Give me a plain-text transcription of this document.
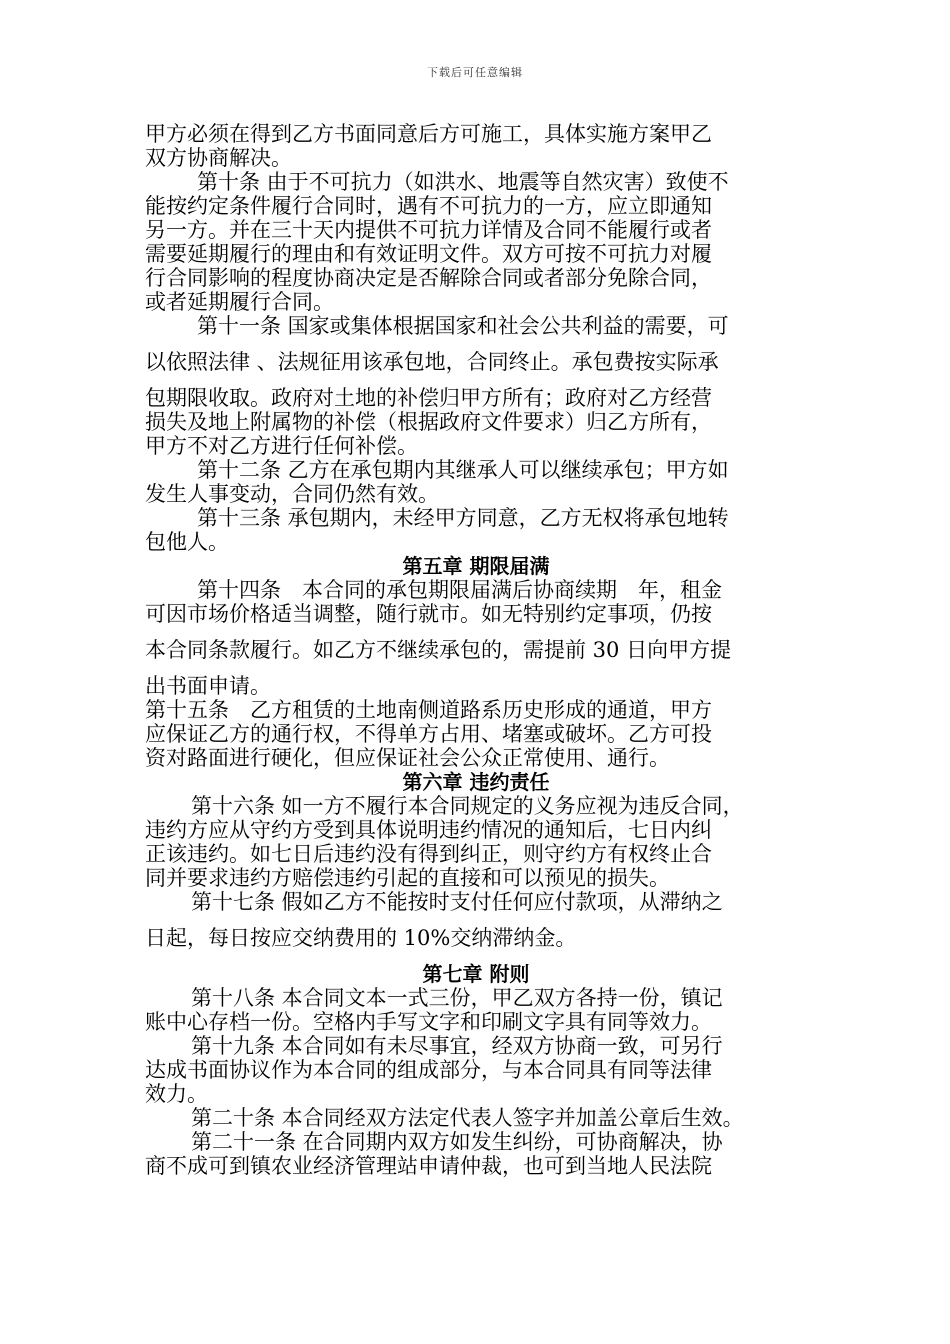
下载后可任意编辑
甲方必须在得到乙方书面同意后方可施工，具体实施方案甲乙
双方协商解决。
第十条 由于不可抗力（如洪水、地震等自然灾害）致使不
能按约定条件履行合同时，遇有不可抗力的一方，应立即通知
另一方。并在三十天内提供不可抗力详情及合同不能履行或者
需要延期履行的理由和有效证明文件。双方可按不可抗力对履
行合同影响的程度协商决定是否解除合同或者部分免除合同，
或者延期履行合同。
第十一条 国家或集体根据国家和社会公共利益的需要，可
以依照法律 、法规征用该承包地，合同终止。承包费按实际承
包期限收取。政府对土地的补偿归甲方所有；政府对乙方经营
损失及地上附属物的补偿（根据政府文件要求）归乙方所有，
甲方不对乙方进行任何补偿。
第十二条 乙方在承包期内其继承人可以继续承包；甲方如
发生人事变动，合同仍然有效。
第十三条 承包期内，未经甲方同意，乙方无权将承包地转
包他人。
第五章 期限届满
第十四条　本合同的承包期限届满后协商续期　年，租金
可因市场价格适当调整，随行就市。如无特别约定事项，仍按
本合同条款履行。如乙方不继续承包的，需提前 30 日向甲方提
出书面申请。
第十五条　乙方租赁的土地南侧道路系历史形成的通道，甲方
应保证乙方的通行权，不得单方占用、堵塞或破坏。乙方可投
资对路面进行硬化，但应保证社会公众正常使用、通行。
第六章 违约责任
第十六条 如一方不履行本合同规定的义务应视为违反合同，
违约方应从守约方受到具体说明违约情况的通知后，七日内纠
正该违约。如七日后违约没有得到纠正，则守约方有权终止合
同并要求违约方赔偿违约引起的直接和可以预见的损失。
第十七条 假如乙方不能按时支付任何应付款项，从滞纳之
日起，每日按应交纳费用的 10%交纳滞纳金。
第七章 附则
第十八条 本合同文本一式三份，甲乙双方各持一份，镇记
账中心存档一份。空格内手写文字和印刷文字具有同等效力。
第十九条 本合同如有未尽事宜，经双方协商一致，可另行
达成书面协议作为本合同的组成部分，与本合同具有同等法律
效力。
第二十条 本合同经双方法定代表人签字并加盖公章后生效。
第二十一条 在合同期内双方如发生纠纷，可协商解决，协
商不成可到镇农业经济管理站申请仲裁，也可到当地人民法院
